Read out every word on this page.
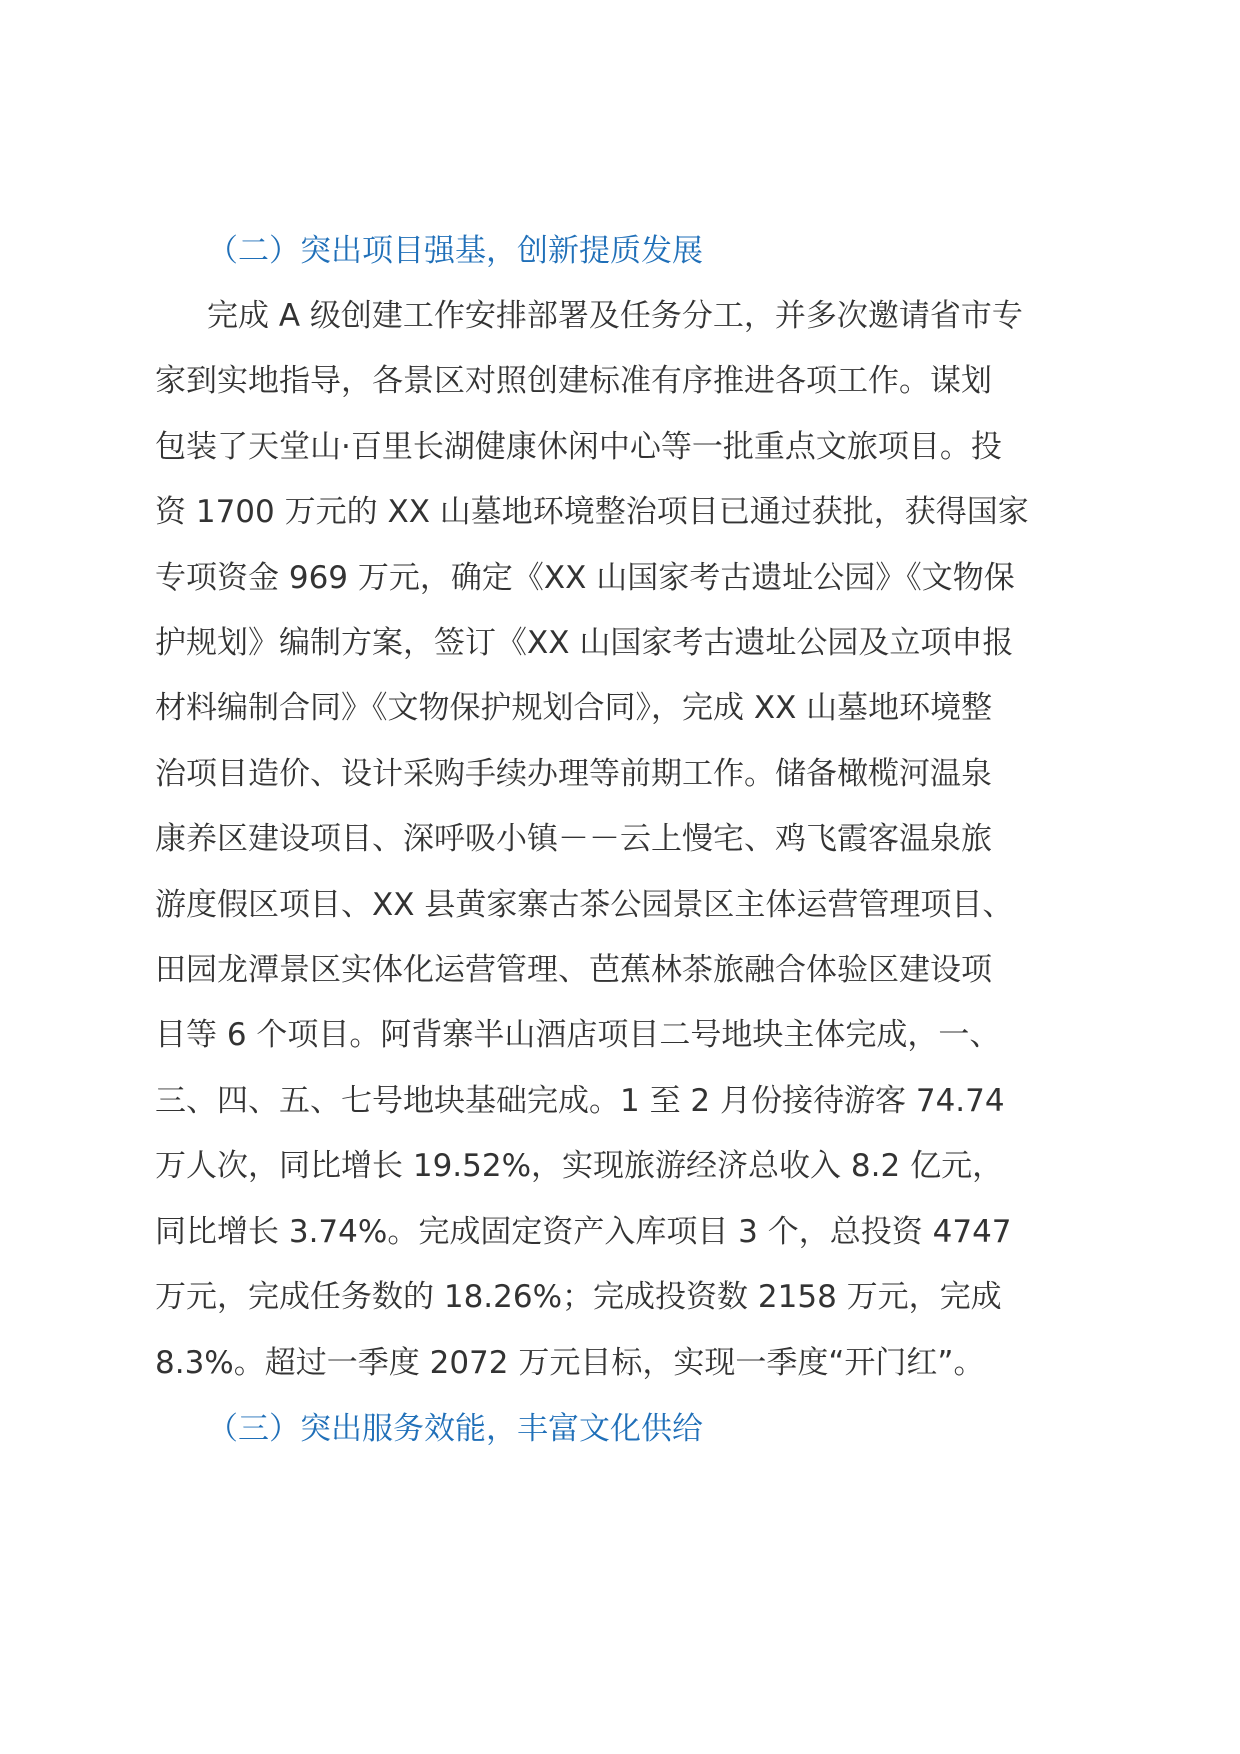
（二）突出项目强基，创新提质发展

完成 A 级创建工作安排部署及任务分工，并多次邀请省市专
家到实地指导，各景区对照创建标准有序推进各项工作。谋划
包装了天堂山·百里长湖健康休闲中心等一批重点文旅项目。投
资 1700 万元的 XX 山墓地环境整治项目已通过获批，获得国家
专项资金 969 万元，确定《XX 山国家考古遗址公园》《文物保
护规划》编制方案，签订《XX 山国家考古遗址公园及立项申报
材料编制合同》《文物保护规划合同》，完成 XX 山墓地环境整
治项目造价、设计采购手续办理等前期工作。储备橄榄河温泉
康养区建设项目、深呼吸小镇－－云上慢宅、鸡飞霞客温泉旅
游度假区项目、XX 县黄家寨古茶公园景区主体运营管理项目、
田园龙潭景区实体化运营管理、芭蕉林茶旅融合体验区建设项
目等 6 个项目。阿背寨半山酒店项目二号地块主体完成，一、
三、四、五、七号地块基础完成。1 至 2 月份接待游客 74.74
万人次，同比增长 19.52%，实现旅游经济总收入 8.2 亿元，
同比增长 3.74%。完成固定资产入库项目 3 个，总投资 4747
万元，完成任务数的 18.26%；完成投资数 2158 万元，完成
8.3%。超过一季度 2072 万元目标，实现一季度“开门红”。

（三）突出服务效能，丰富文化供给
